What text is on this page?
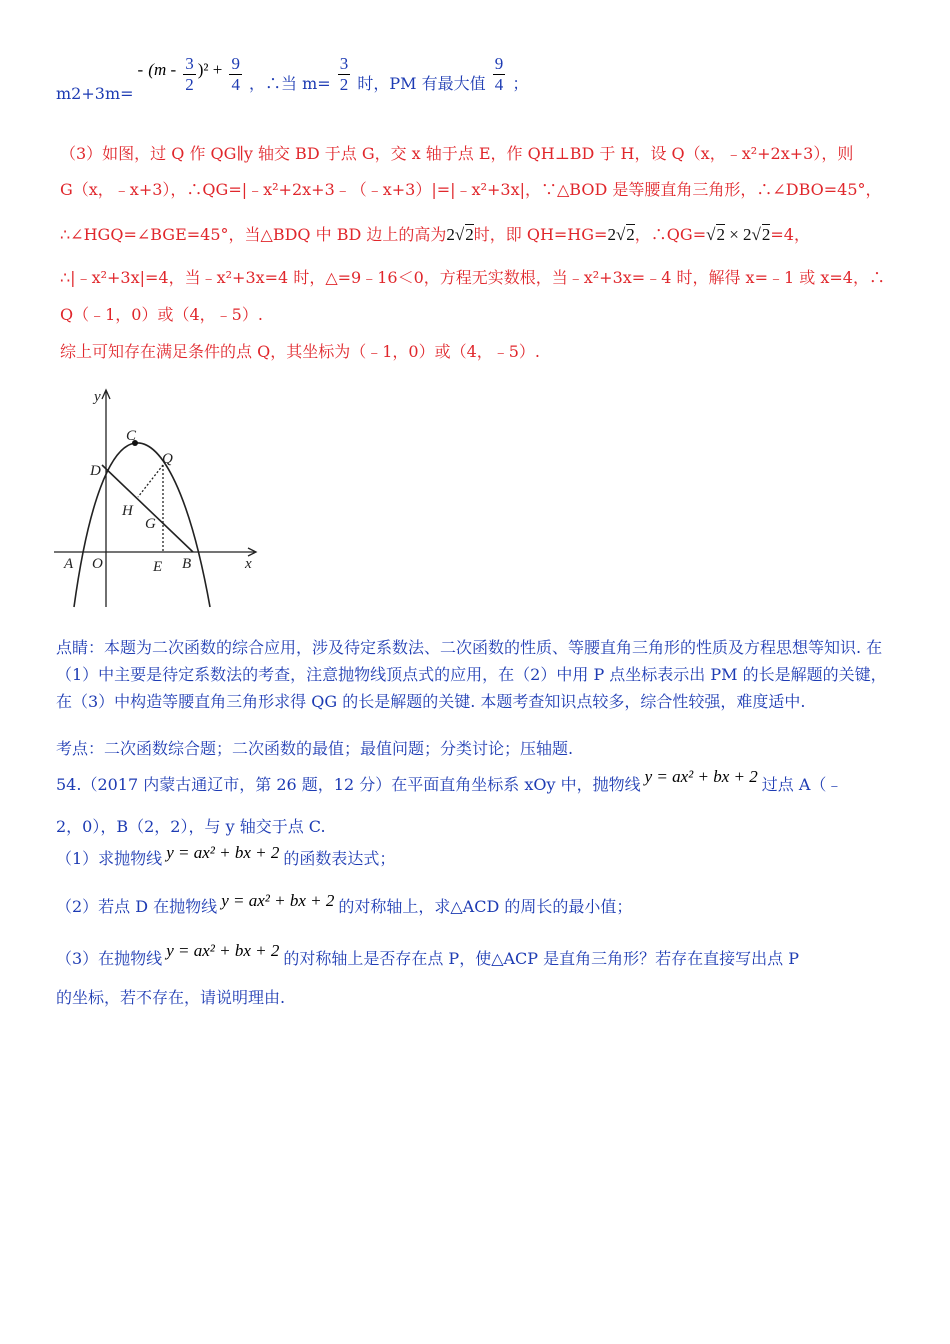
m2+3m=- $(m - \frac{3}{2} )^2 + \frac{9}{4}$ ，∴当 $m= \frac{3}{2}$ 时，PM 有最大值 $\frac{9}{4}$ ；
（3）如图，过 Q 作 QG∥y 轴交 BD 于点 G，交 x 轴于点 E，作 QH⊥BD 于 H，设 Q（x，﹣x²+2x+3），则
G（x，﹣x+3），∴QG=|﹣x²+2x+3﹣（﹣x+3）|=|﹣x²+3x|，∵△BOD 是等腰直角三角形，∴∠DBO=45°，
∴∠HGQ=∠BGE=45°，当△BDQ 中 BD 边上的高为2√2时，即 QH=HG=2√2，∴QG=√2 × 2√2=4，
∴|﹣x²+3x|=4，当﹣x²+3x=4 时，△=9﹣16＜0，方程无实数根，当﹣x²+3x=﹣4 时，解得 x=﹣1 或 x=4，∴
Q（﹣1，0）或（4，﹣5）.
综上可知存在满足条件的点 Q，其坐标为（﹣1，0）或（4，﹣5）.
y
x
C
D
Q
H
G
A O	E B
点睛：本题为二次函数的综合应用，涉及待定系数法、二次函数的性质、等腰直角三角形的性质及方程思想等知识. 在（1）中主要是待定系数法的考查，注意抛物线顶点式的应用，在（2）中用 P 点坐标表示出 PM 的长是解题的关键，在（3）中构造等腰直角三角形求得 QG 的长是解题的关键. 本题考查知识点较多，综合性较强，难度适中.
考点：二次函数综合题；二次函数的最值；最值问题；分类讨论；压轴题.
54.（2017 内蒙古通辽市，第 26 题，12 分）在平面直角坐标系 xOy 中，抛物线 y = ax² + bx + 2 过点 A（﹣
2，0），B（2，2），与 y 轴交于点 C.
（1）求抛物线 y = ax² + bx + 2 的函数表达式；
（2）若点 D 在抛物线 y = ax² + bx + 2 的对称轴上，求△ACD 的周长的最小值；
（3）在抛物线 y = ax² + bx + 2 的对称轴上是否存在点 P，使△ACP 是直角三角形？若存在直接写出点 P
的坐标，若不存在，请说明理由.
